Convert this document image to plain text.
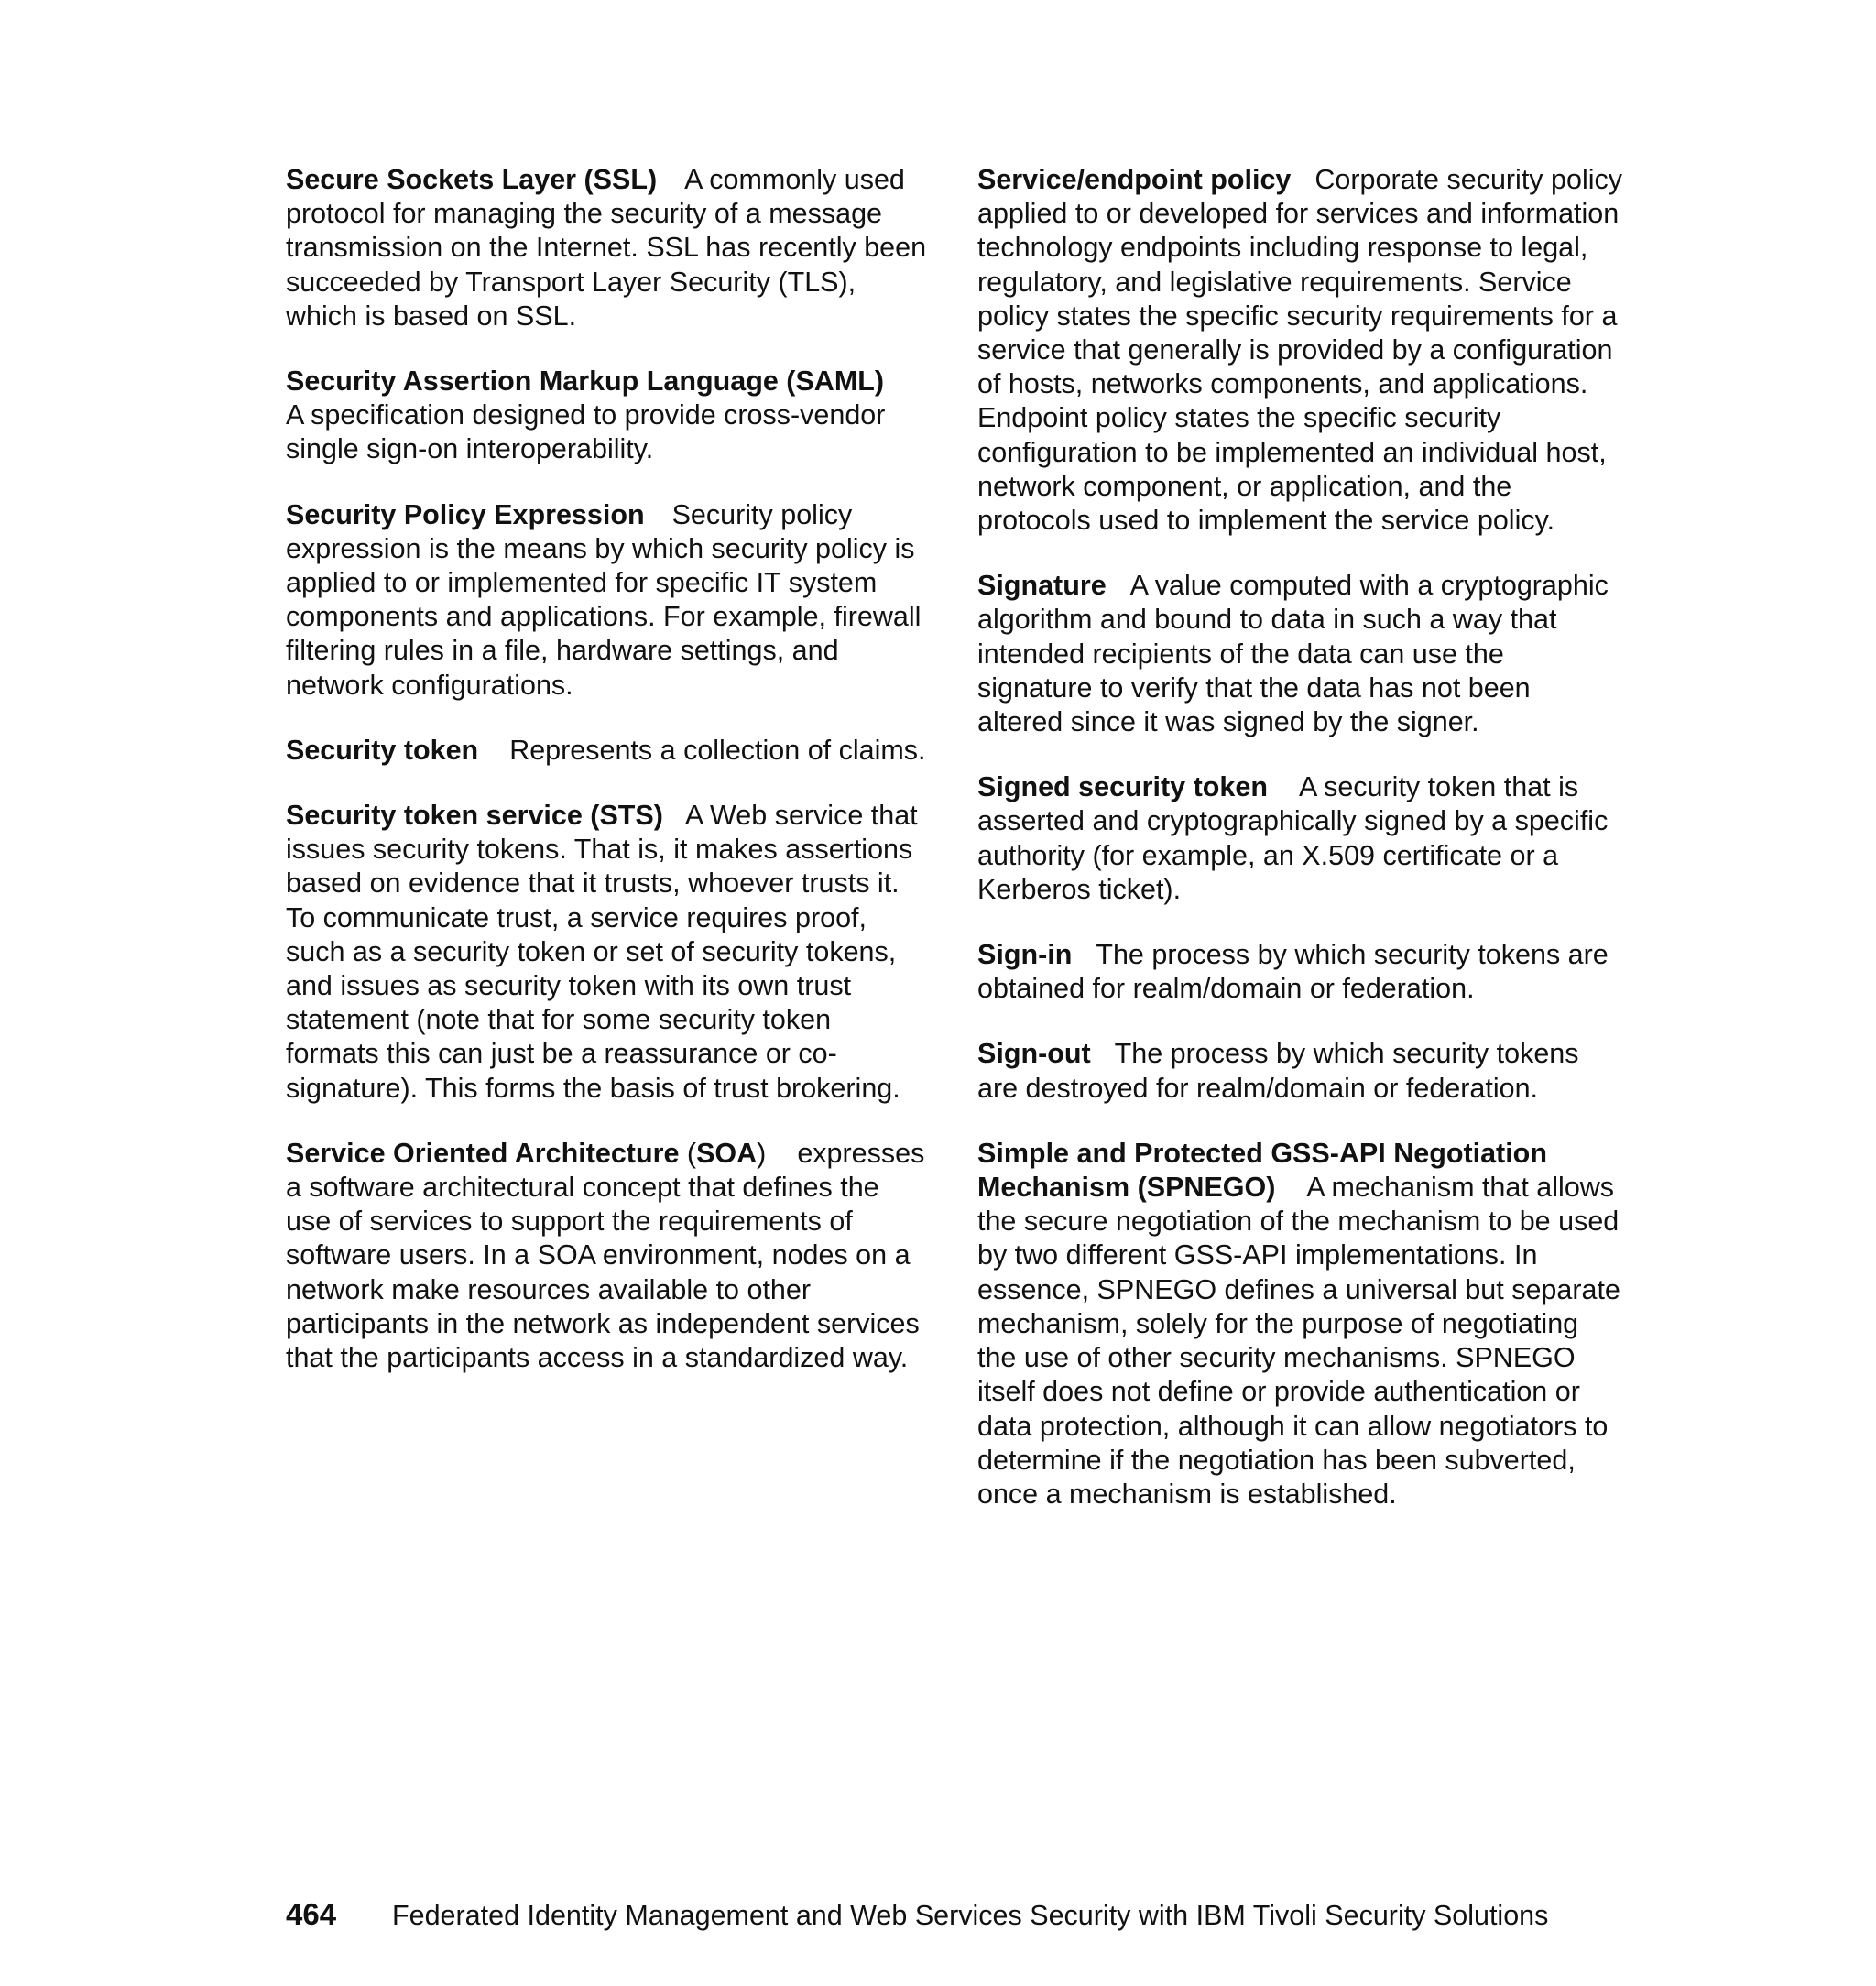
Secure Sockets Layer (SSL) A commonly used protocol for managing the security of a message transmission on the Internet. SSL has recently been succeeded by Transport Layer Security (TLS), which is based on SSL.

Security Assertion Markup Language (SAML)
A specification designed to provide cross-vendor single sign-on interoperability.

Security Policy Expression Security policy expression is the means by which security policy is applied to or implemented for specific IT system components and applications. For example, firewall filtering rules in a file, hardware settings, and network configurations.

Security token Represents a collection of claims.

Security token service (STS) A Web service that issues security tokens. That is, it makes assertions based on evidence that it trusts, whoever trusts it. To communicate trust, a service requires proof, such as a security token or set of security tokens, and issues as security token with its own trust statement (note that for some security token formats this can just be a reassurance or co-signature). This forms the basis of trust brokering.

Service Oriented Architecture (SOA) expresses a software architectural concept that defines the use of services to support the requirements of software users. In a SOA environment, nodes on a network make resources available to other participants in the network as independent services that the participants access in a standardized way.

Service/endpoint policy Corporate security policy applied to or developed for services and information technology endpoints including response to legal, regulatory, and legislative requirements. Service policy states the specific security requirements for a service that generally is provided by a configuration of hosts, networks components, and applications. Endpoint policy states the specific security configuration to be implemented an individual host, network component, or application, and the protocols used to implement the service policy.

Signature A value computed with a cryptographic algorithm and bound to data in such a way that intended recipients of the data can use the signature to verify that the data has not been altered since it was signed by the signer.

Signed security token A security token that is asserted and cryptographically signed by a specific authority (for example, an X.509 certificate or a Kerberos ticket).

Sign-in The process by which security tokens are obtained for realm/domain or federation.

Sign-out The process by which security tokens are destroyed for realm/domain or federation.

Simple and Protected GSS-API Negotiation Mechanism (SPNEGO) A mechanism that allows the secure negotiation of the mechanism to be used by two different GSS-API implementations. In essence, SPNEGO defines a universal but separate mechanism, solely for the purpose of negotiating the use of other security mechanisms. SPNEGO itself does not define or provide authentication or data protection, although it can allow negotiators to determine if the negotiation has been subverted, once a mechanism is established.

464 Federated Identity Management and Web Services Security with IBM Tivoli Security Solutions
